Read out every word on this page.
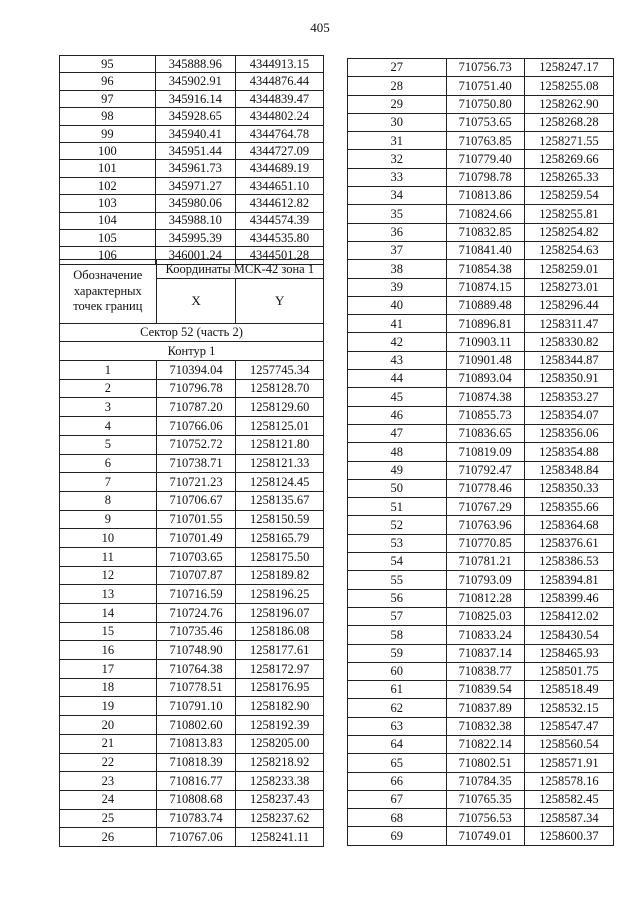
405
95	345888.96	4344913.15
96	345902.91	4344876.44
97	345916.14	4344839.47
98	345928.65	4344802.24
99	345940.41	4344764.78
100	345951.44	4344727.09
101	345961.73	4344689.19
102	345971.27	4344651.10
103	345980.06	4344612.82
104	345988.10	4344574.39
105	345995.39	4344535.80
106	346001.24	4344501.28
Обозначение характерных точек границ	Координаты МСК-42 зона 1	
	X	Y
Сектор 52 (часть 2)		
Контур 1		
1	710394.04	1257745.34
2	710796.78	1258128.70
3	710787.20	1258129.60
4	710766.06	1258125.01
5	710752.72	1258121.80
6	710738.71	1258121.33
7	710721.23	1258124.45
8	710706.67	1258135.67
9	710701.55	1258150.59
10	710701.49	1258165.79
11	710703.65	1258175.50
12	710707.87	1258189.82
13	710716.59	1258196.25
14	710724.76	1258196.07
15	710735.46	1258186.08
16	710748.90	1258177.61
17	710764.38	1258172.97
18	710778.51	1258176.95
19	710791.10	1258182.90
20	710802.60	1258192.39
21	710813.83	1258205.00
22	710818.39	1258218.92
23	710816.77	1258233.38
24	710808.68	1258237.43
25	710783.74	1258237.62
26	710767.06	1258241.11
27	710756.73	1258247.17
28	710751.40	1258255.08
29	710750.80	1258262.90
30	710753.65	1258268.28
31	710763.85	1258271.55
32	710779.40	1258269.66
33	710798.78	1258265.33
34	710813.86	1258259.54
35	710824.66	1258255.81
36	710832.85	1258254.82
37	710841.40	1258254.63
38	710854.38	1258259.01
39	710874.15	1258273.01
40	710889.48	1258296.44
41	710896.81	1258311.47
42	710903.11	1258330.82
43	710901.48	1258344.87
44	710893.04	1258350.91
45	710874.38	1258353.27
46	710855.73	1258354.07
47	710836.65	1258356.06
48	710819.09	1258354.88
49	710792.47	1258348.84
50	710778.46	1258350.33
51	710767.29	1258355.66
52	710763.96	1258364.68
53	710770.85	1258376.61
54	710781.21	1258386.53
55	710793.09	1258394.81
56	710812.28	1258399.46
57	710825.03	1258412.02
58	710833.24	1258430.54
59	710837.14	1258465.93
60	710838.77	1258501.75
61	710839.54	1258518.49
62	710837.89	1258532.15
63	710832.38	1258547.47
64	710822.14	1258560.54
65	710802.51	1258571.91
66	710784.35	1258578.16
67	710765.35	1258582.45
68	710756.53	1258587.34
69	710749.01	1258600.37
